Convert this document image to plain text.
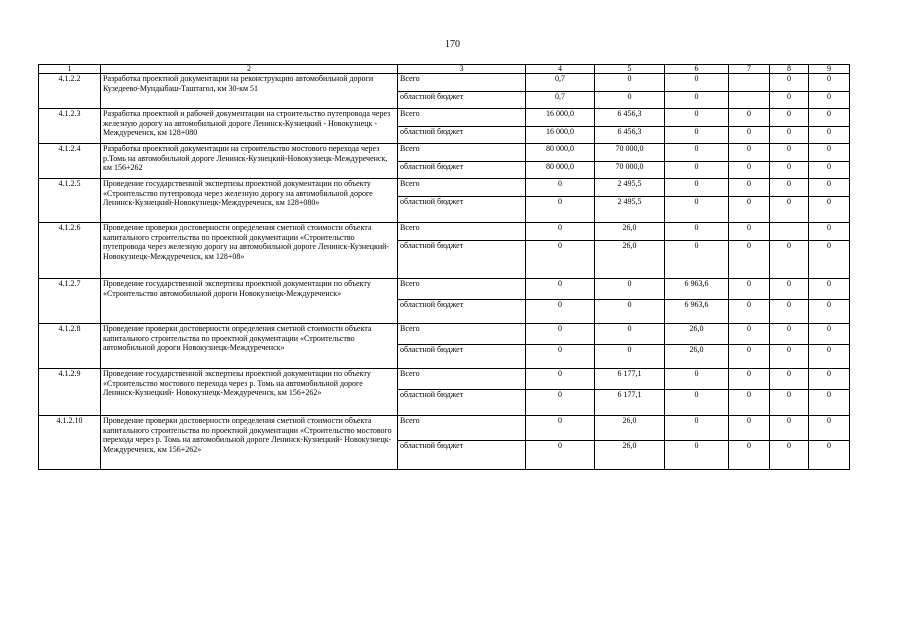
170
1	2	3	4	5	6	7	8	9
4.1.2.2	Разработка проектной документации на реконструкцию автомобильной дороги Кузедеево-Мундыбаш-Таштагол, км 30-км 51	Всего	0,7	0	0		0	0
		областной бюджет	0,7	0	0		0	0
4.1.2.3	Разработка проектной и рабочей документации на строительство путепровода через железную дорогу на автомобильной дороге Ленинск-Кузнецкий - Новокузнецк - Междуреченск, км 128+080	Всего	16 000,0	6 456,3	0	0	0	0
		областной бюджет	16 000,0	6 456,3	0	0	0	0
4.1.2.4	Разработка проектной документации на строительство мостового перехода через р.Томь на автомобильной дороге Ленинск-Кузнецкий-Новокузнецк-Междуреченск, км 156+262	Всего	80 000,0	70 000,0	0	0	0	0
		областной бюджет	80 000,0	70 000,0	0	0	0	0
4.1.2.5	Проведение государственной экспертизы проектной документации по объекту «Строительство путепровода через железную дорогу на автомобильной дороге Ленинск-Кузнецкий-Новокузнецк-Междуреченск, км 128+080»	Всего	0	2 495,5	0	0	0	0
		областной бюджет	0	2 495,5	0	0	0	0
4.1.2.6	Проведение проверки достоверности определения сметной стоимости объекта капитального строительства по проектной документации «Строительство путепровода через железную дорогу на автомобильной дороге Ленинск-Кузнецкий-Новокузнецк-Междуреченск, км 128+08»	Всего	0	26,0	0	0		0
		областной бюджет	0	26,0	0	0	0	0
4.1.2.7	Проведение государственной экспертизы проектной документации по объекту «Строительство автомобильной дороги Новокузнецк-Междуреченск»	Всего	0	0	6 963,6	0	0	0
		областной бюджет	0	0	6 963,6	0	0	0
4.1.2.8	Проведение проверки достоверности определения сметной стоимости объекта капитального строительства по проектной документации «Строительство автомобильной дороги Новокузнецк-Междуреченск»	Всего	0	0	26,0	0	0	0
		областной бюджет	0	0	26,0	0	0	0
4.1.2.9	Проведение государственной экспертизы проектной документации по объекту «Строительство мостового перехода через р. Томь на автомобильной дороге Ленинск-Кузнецкий- Новокузнецк-Междуреченск, км 156+262»	Всего	0	6 177,1	0	0	0	0
		областной бюджет	0	6 177,1	0	0	0	0
4.1.2.10	Проведение проверки достоверности определения сметной стоимости объекта капитального строительства по проектной документации «Строительство мостового перехода через р. Томь на автомобильной дороге Ленинск-Кузнецкий- Новокузнецк-Междуреченск, км 156+262»	Всего	0	26,0	0	0	0	0
		областной бюджет	0	26,0	0	0	0	0
